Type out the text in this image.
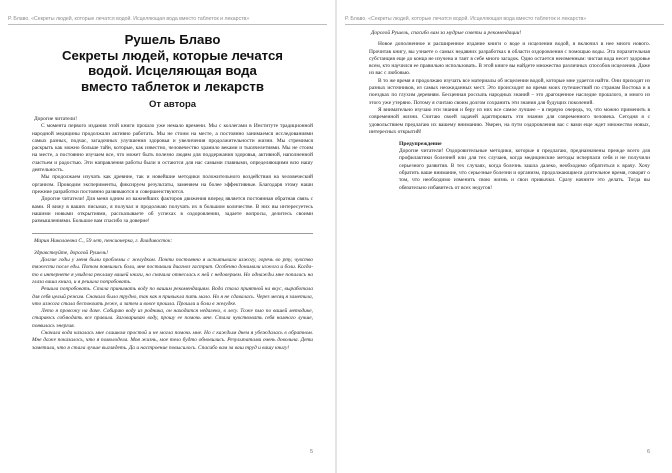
Р. Блаво. «Секреты людей, которые лечатся водой. Исцеляющая вода вместо таблеток и лекарств»
Рушель Блаво
Секреты людей, которые лечатся
водой. Исцеляющая вода
вместо таблеток и лекарств
От автора

Дорогие читатели!

С момента первого издания этой книги прошло уже немало времени. Мы с коллегами в Институте традиционной народной медицины продолжали активно работать. Мы не стоим на месте, а постоянно занимаемся исследованиями самых разных, подчас, загадочных улучшения здоровья и увеличения продолжительности жизни. Мы стремимся раскрыть как можно больше тайн, которые, как известно, человечество хранило веками и тысячелетиями. Мы не стоим на месте, а постоянно изучаем все, что может быть полезно людям для поддержания здоровья, активной, наполненной счастьем и радостью. Эти направления работы были и остаются для нас самыми главными, определяющими всю нашу деятельность.

Мы продолжаем изучать как древние, так и новейшие методики положительного воздействия на человеческий организм. Проводим эксперименты, фиксируем результаты, заменяем на более эффективные. Благодаря этому наши прежние разработки постоянно развиваются и совершенствуются.

Дорогие читатели! Для меня одним из важнейших факторов движения вперед является постоянная обратная связь с вами. Я вижу в ваших письмах, я получал и продолжаю получать их в большом количестве. В них вы интересуетесь нашими новыми открытиями, рассказываете об успехах в оздоровлении, задаете вопросы, делитесь своими размышлениями. Большое вам спасибо за доверие!

Мария Николаевна С., 59 лет, пенсионерка, г. Владивосток:

Здравствуйте, дорогой Рушель!

Долгие годы у меня были проблемы с желудком. Почти постоянно я испытывала изжогу, горечь во рту, чувство тяжести после еды. Потом появились боли, мне поставили диагноз гастрит. Особенно донимали изжога и боли. Когда-то в интернете я увидела рекламу вашей книги, но сначала отнеслась к ней с недоверием. Но однажды мне попалась на глаза ваша книга, и я решила попробовать.

Решила попробовать. Стала принимать воду по вашим рекомендациям. Вода стала приятной на вкус, выработала для себя целый режим. Сначала было трудно, так как я привыкла пить мало. Но я не сдавалась. Через месяц я заметила, что изжога стала беспокоить реже, а затем и вовсе прошла. Прошли и боли в желудке.

Лето я провожу на даче. Собираю воду из родника, он находится недалеко, в лесу. Тоже пью по вашей методике, стараюсь соблюдать все правила. Заговариваю воду, прошу ее помочь мне. Стала чувствовать себя намного лучше, появилась энергия.

Сначала вода казалась мне слишком простой и не могла помочь мне. Но с каждым днем я убеждалась в обратном. Мне даже показалось, что я помолодела. Моя жизнь, мое тело будто обновились. Результатами очень довольна. Дети заметили, что я стала лучше выглядеть. Да и настроение повысилось. Спасибо вам за ваш труд и вашу книгу!

5
Р. Блаво. «Секреты людей, которые лечатся водой. Исцеляющая вода вместо таблеток и лекарств»

Дорогой Рушель, спасибо вам за мудрые советы и рекомендации!

Новое дополненное и расширенное издание книги о воде и исцелении водой, я включил в нее много нового. Прочитав книгу, вы узнаете о самых недавних разработках в области оздоровления с помощью воды. Эта поразительная субстанция еще до конца не изучена и таит в себе много загадок. Одно остается неизменным: чистая вода несет здоровье всем, кто научился ее правильно использовать. В этой книге вы найдете множество различных способов исцеления. Даже из вас с любовью.

В то же время я продолжаю изучать все материалы об исцелении водой, которые мне удается найти. Они приходят из разных источников, из самых неожиданных мест. Это происходит во время моих путешествий по странам Востока и в поездках по глухим деревням. Бесценная россыпь народных знаний – это драгоценное наследие прошлого, и много из этого уже утеряно. Потому я считаю своим долгом сохранить эти знания для будущих поколений.

Я внимательно изучаю эти знания и беру из них все самое лучшее – в первую очередь, то, что можно применить в современной жизни. Считаю своей задачей адаптировать эти знания для современного человека. Сегодня я с удовольствием предлагаю их вашему вниманию. Уверен, на пути оздоровления вас с вами еще ждет множество новых, интересных открытий!

Предупреждение

Дорогие читатели! Оздоровительные методики, которые я предлагаю, предназначены прежде всего для профилактики болезней или для тех случаев, когда медицинские методы исчерпали себя и не получили серьезного развития. В тех случаях, когда болезнь зашла далеко, необходимо обратиться к врачу. Хочу обратить ваше внимание, что серьезные болезни и организм, продолжающиеся длительное время, говорят о том, что необходимо изменить свою жизнь и свои привычки. Сразу начните это делать. Тогда вы обязательно избавитесь от всех недугов!

6
